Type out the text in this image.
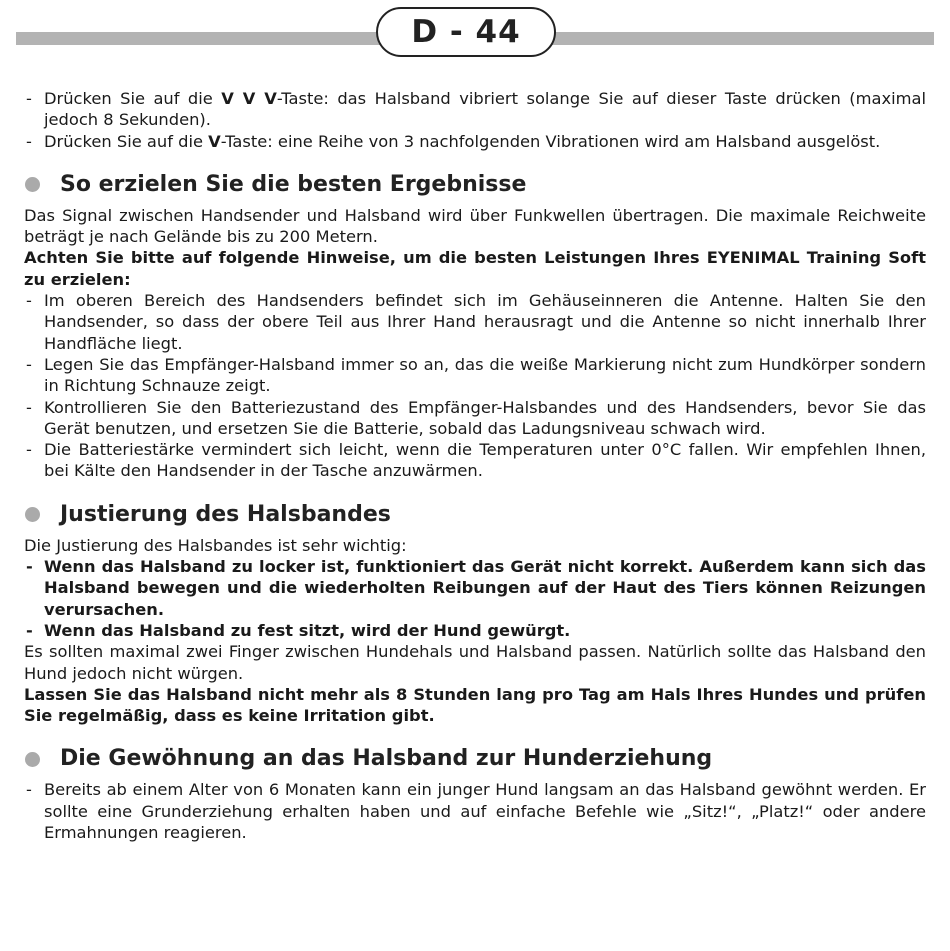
D - 44
- Drücken Sie auf die V V V-Taste: das Halsband vibriert solange Sie auf dieser Taste drücken (maximal jedoch 8 Sekunden).
- Drücken Sie auf die V-Taste: eine Reihe von 3 nachfolgenden Vibrationen wird am Halsband ausgelöst.
So erzielen Sie die besten Ergebnisse

Das Signal zwischen Handsender und Halsband wird über Funkwellen übertragen. Die maximale Reichweite beträgt je nach Gelände bis zu 200 Metern.

Achten Sie bitte auf folgende Hinweise, um die besten Leistungen Ihres EYENIMAL Training Soft zu erzielen:

- Im oberen Bereich des Handsenders befindet sich im Gehäuseinneren die Antenne. Halten Sie den Handsender, so dass der obere Teil aus Ihrer Hand herausragt und die Antenne so nicht innerhalb Ihrer Handfläche liegt.
- Legen Sie das Empfänger-Halsband immer so an, das die weiße Markierung nicht zum Hundkörper sondern in Richtung Schnauze zeigt.
- Kontrollieren Sie den Batteriezustand des Empfänger-Halsbandes und des Handsenders, bevor Sie das Gerät benutzen, und ersetzen Sie die Batterie, sobald das Ladungsniveau schwach wird.
- Die Batteriestärke vermindert sich leicht, wenn die Temperaturen unter 0°C fallen. Wir empfehlen Ihnen, bei Kälte den Handsender in der Tasche anzuwärmen.
Justierung des Halsbandes

Die Justierung des Halsbandes ist sehr wichtig:

- Wenn das Halsband zu locker ist, funktioniert das Gerät nicht korrekt. Außerdem kann sich das Halsband bewegen und die wiederholten Reibungen auf der Haut des Tiers können Reizungen verursachen.
- Wenn das Halsband zu fest sitzt, wird der Hund gewürgt.

Es sollten maximal zwei Finger zwischen Hundehals und Halsband passen. Natürlich sollte das Halsband den Hund jedoch nicht würgen.

Lassen Sie das Halsband nicht mehr als 8 Stunden lang pro Tag am Hals Ihres Hundes und prüfen Sie regelmäßig, dass es keine Irritation gibt.

Die Gewöhnung an das Halsband zur Hunderziehung
- Bereits ab einem Alter von 6 Monaten kann ein junger Hund langsam an das Halsband gewöhnt werden. Er sollte eine Grunderziehung erhalten haben und auf einfache Befehle wie „Sitz!“, „Platz!“ oder andere Ermahnungen reagieren.
